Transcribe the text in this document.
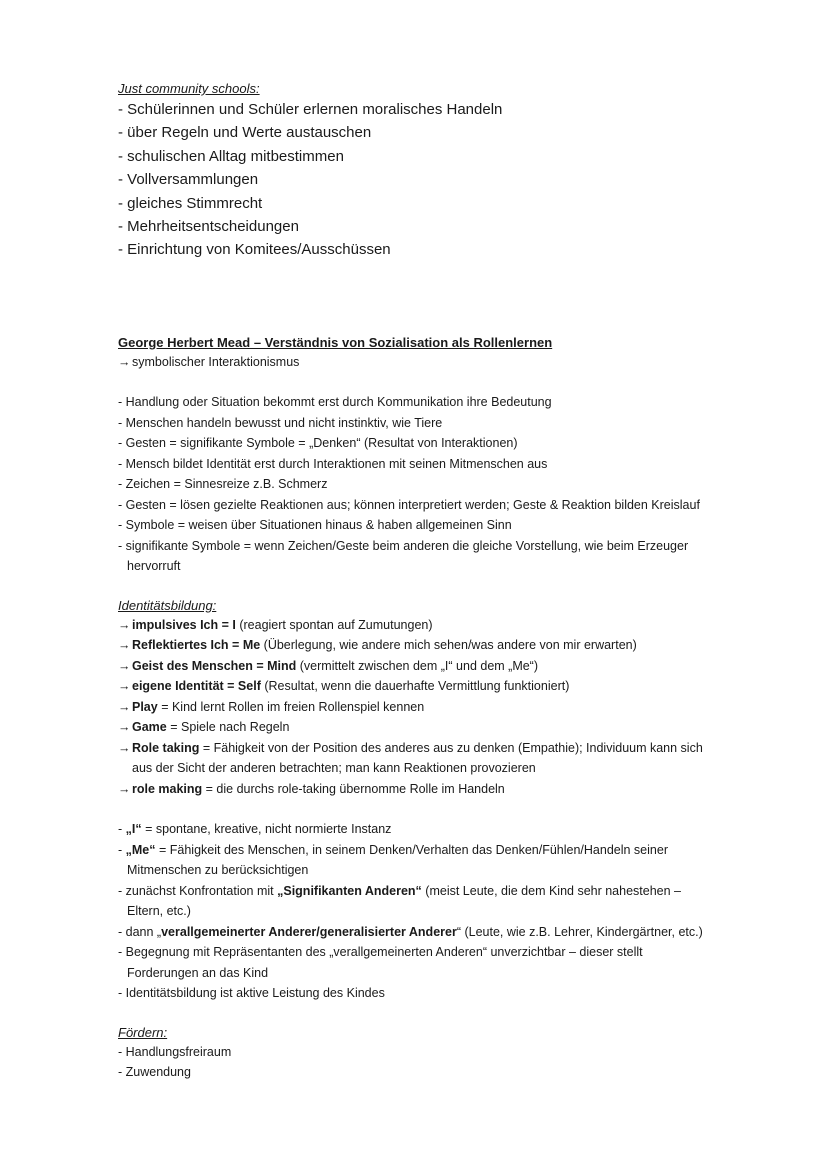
Just community schools:
- Schülerinnen und Schüler erlernen moralisches Handeln
- über Regeln und Werte austauschen
- schulischen Alltag mitbestimmen
- Vollversammlungen
- gleiches Stimmrecht
- Mehrheitsentscheidungen
- Einrichtung von Komitees/Ausschüssen
George Herbert Mead – Verständnis von Sozialisation als Rollenlernen
→ symbolischer Interaktionismus
- Handlung oder Situation bekommt erst durch Kommunikation ihre Bedeutung
- Menschen handeln bewusst und nicht instinktiv, wie Tiere
- Gesten = signifikante Symbole = „Denken“ (Resultat von Interaktionen)
- Mensch bildet Identität erst durch Interaktionen mit seinen Mitmenschen aus
- Zeichen = Sinnesreize z.B. Schmerz
- Gesten = lösen gezielte Reaktionen aus; können interpretiert werden; Geste & Reaktion bilden Kreislauf
- Symbole = weisen über Situationen hinaus & haben allgemeinen Sinn
- signifikante Symbole = wenn Zeichen/Geste beim anderen die gleiche Vorstellung, wie beim Erzeuger
hervorruft
Identitätsbildung:
→ impulsives Ich = I (reagiert spontan auf Zumutungen)
→ Reflektiertes Ich = Me (Überlegung, wie andere mich sehen/was andere von mir erwarten)
→ Geist des Menschen = Mind (vermittelt zwischen dem „I“ und dem „Me“)
→ eigene Identität = Self (Resultat, wenn die dauerhafte Vermittlung funktioniert)
→ Play = Kind lernt Rollen im freien Rollenspiel kennen
→ Game = Spiele nach Regeln
→ Role taking = Fähigkeit von der Position des anderes aus zu denken (Empathie); Individuum kann sich
aus der Sicht der anderen betrachten; man kann Reaktionen provozieren
→ role making = die durchs role-taking übernomme Rolle im Handeln
- „I“ = spontane, kreative, nicht normierte Instanz
- „Me“ = Fähigkeit des Menschen, in seinem Denken/Verhalten das Denken/Fühlen/Handeln seiner
Mitmenschen zu berücksichtigen
- zunächst Konfrontation mit „Signifikanten Anderen“ (meist Leute, die dem Kind sehr nahestehen –
Eltern, etc.)
- dann „verallgemeinerter Anderer/generalisierter Anderer“ (Leute, wie z.B. Lehrer, Kindergärtner, etc.)
- Begegnung mit Repräsentanten des „verallgemeinerten Anderen“ unverzichtbar – dieser stellt
Forderungen an das Kind
- Identitätsbildung ist aktive Leistung des Kindes
Fördern:
- Handlungsfreiraum
- Zuwendung
